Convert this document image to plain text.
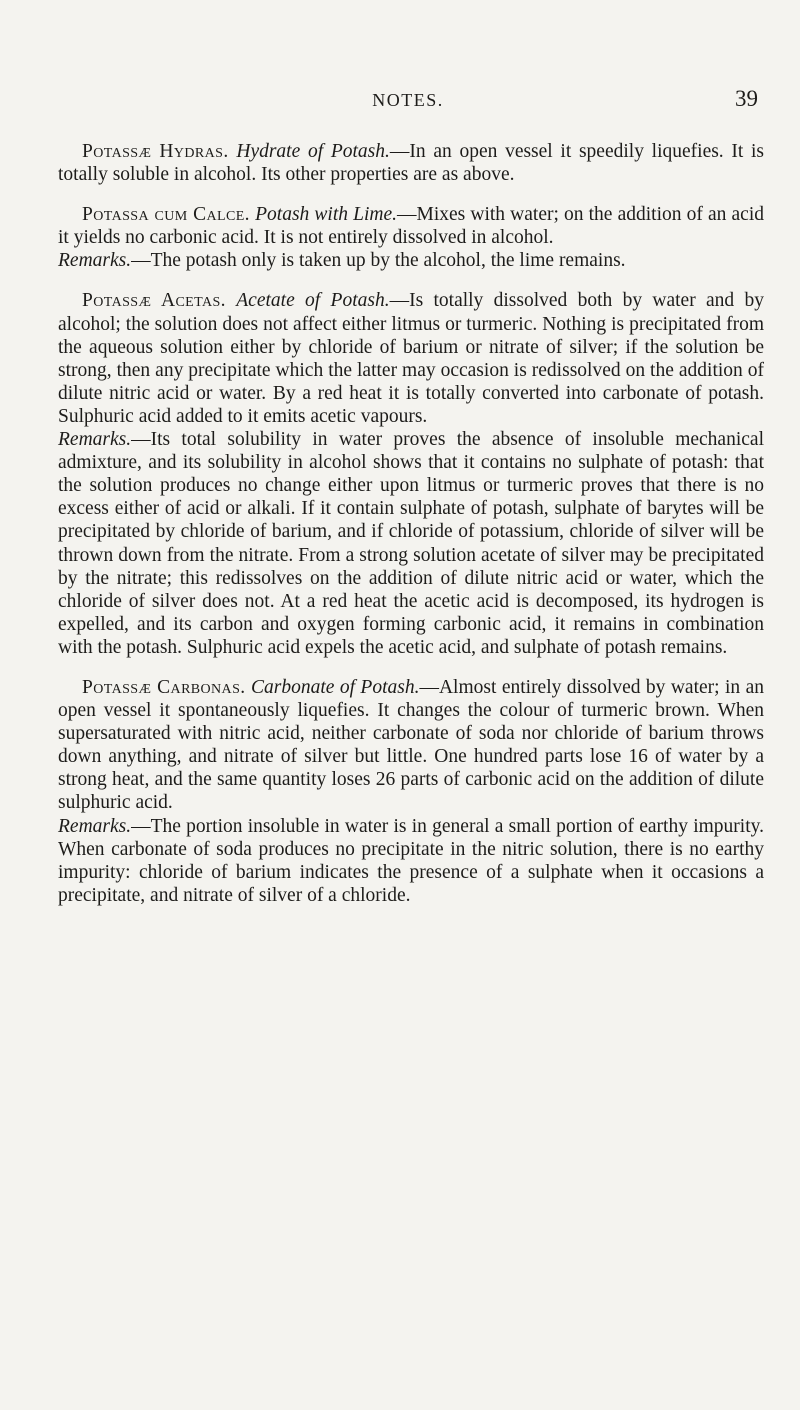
NOTES.	39

Potassæ Hydras. Hydrate of Potash.—In an open vessel it speedily liquefies. It is totally soluble in alcohol. Its other properties are as above.

Potassa cum Calce. Potash with Lime.—Mixes with water; on the addition of an acid it yields no carbonic acid. It is not entirely dissolved in alcohol.

Remarks.—The potash only is taken up by the alcohol, the lime remains.

Potassæ Acetas. Acetate of Potash.—Is totally dissolved both by water and by alcohol; the solution does not affect either litmus or turmeric. Nothing is precipitated from the aqueous solution either by chloride of barium or nitrate of silver; if the solution be strong, then any precipitate which the latter may occasion is redissolved on the addition of dilute nitric acid or water. By a red heat it is totally converted into carbonate of potash. Sulphuric acid added to it emits acetic vapours.

Remarks.—Its total solubility in water proves the absence of insoluble mechanical admixture, and its solubility in alcohol shows that it contains no sulphate of potash: that the solution produces no change either upon litmus or turmeric proves that there is no excess either of acid or alkali. If it contain sulphate of potash, sulphate of barytes will be precipitated by chloride of barium, and if chloride of potassium, chloride of silver will be thrown down from the nitrate. From a strong solution acetate of silver may be precipitated by the nitrate; this redissolves on the addition of dilute nitric acid or water, which the chloride of silver does not. At a red heat the acetic acid is decomposed, its hydrogen is expelled, and its carbon and oxygen forming carbonic acid, it remains in combination with the potash. Sulphuric acid expels the acetic acid, and sulphate of potash remains.

Potassæ Carbonas. Carbonate of Potash.—Almost entirely dissolved by water; in an open vessel it spontaneously liquefies. It changes the colour of turmeric brown. When supersaturated with nitric acid, neither carbonate of soda nor chloride of barium throws down anything, and nitrate of silver but little. One hundred parts lose 16 of water by a strong heat, and the same quantity loses 26 parts of carbonic acid on the addition of dilute sulphuric acid.

Remarks.—The portion insoluble in water is in general a small portion of earthy impurity. When carbonate of soda produces no precipitate in the nitric solution, there is no earthy impurity: chloride of barium indicates the presence of a sulphate when it occasions a precipitate, and nitrate of silver of a chloride.
